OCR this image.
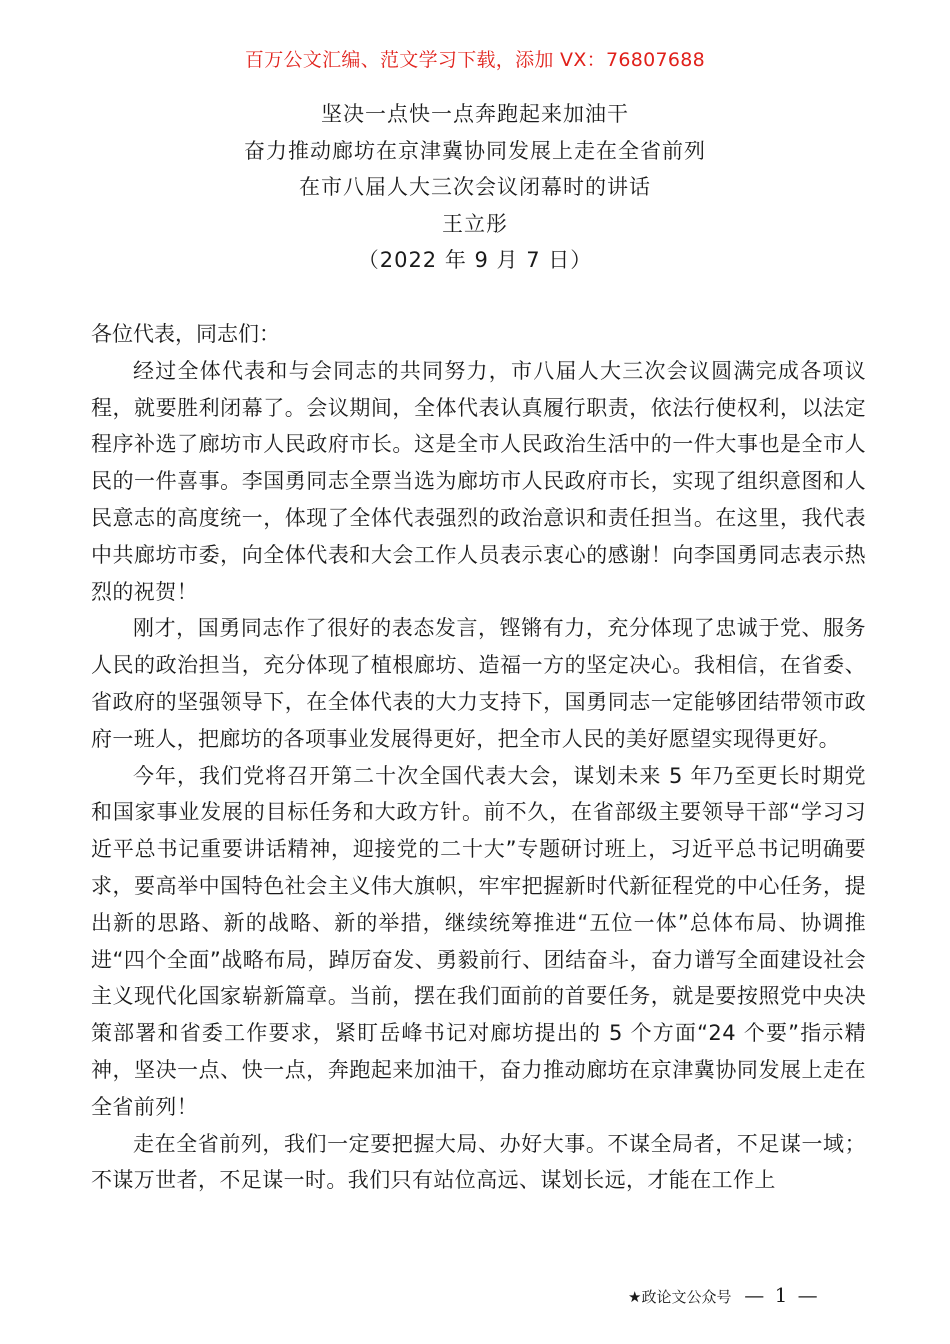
百万公文汇编、范文学习下载，添加 VX：76807688
坚决一点快一点奔跑起来加油干
奋力推动廊坊在京津冀协同发展上走在全省前列
在市八届人大三次会议闭幕时的讲话
王立彤
（2022 年 9 月 7 日）

各位代表，同志们：

经过全体代表和与会同志的共同努力，市八届人大三次会议圆满完成各项议程，就要胜利闭幕了。会议期间，全体代表认真履行职责，依法行使权利，以法定程序补选了廊坊市人民政府市长。这是全市人民政治生活中的一件大事也是全市人民的一件喜事。李国勇同志全票当选为廊坊市人民政府市长，实现了组织意图和人民意志的高度统一，体现了全体代表强烈的政治意识和责任担当。在这里，我代表中共廊坊市委，向全体代表和大会工作人员表示衷心的感谢！向李国勇同志表示热烈的祝贺！

刚才，国勇同志作了很好的表态发言，铿锵有力，充分体现了忠诚于党、服务人民的政治担当，充分体现了植根廊坊、造福一方的坚定决心。我相信，在省委、省政府的坚强领导下，在全体代表的大力支持下，国勇同志一定能够团结带领市政府一班人，把廊坊的各项事业发展得更好，把全市人民的美好愿望实现得更好。

今年，我们党将召开第二十次全国代表大会，谋划未来 5 年乃至更长时期党和国家事业发展的目标任务和大政方针。前不久，在省部级主要领导干部“学习习近平总书记重要讲话精神，迎接党的二十大”专题研讨班上，习近平总书记明确要求，要高举中国特色社会主义伟大旗帜，牢牢把握新时代新征程党的中心任务，提出新的思路、新的战略、新的举措，继续统筹推进“五位一体”总体布局、协调推进“四个全面”战略布局，踔厉奋发、勇毅前行、团结奋斗，奋力谱写全面建设社会主义现代化国家崭新篇章。当前，摆在我们面前的首要任务，就是要按照党中央决策部署和省委工作要求，紧盯岳峰书记对廊坊提出的 5 个方面“24 个要”指示精神，坚决一点、快一点，奔跑起来加油干，奋力推动廊坊在京津冀协同发展上走在全省前列！

走在全省前列，我们一定要把握大局、办好大事。不谋全局者，不足谋一域；不谋万世者，不足谋一时。我们只有站位高远、谋划长远，才能在工作上

★政论文公众号 — 1 —
